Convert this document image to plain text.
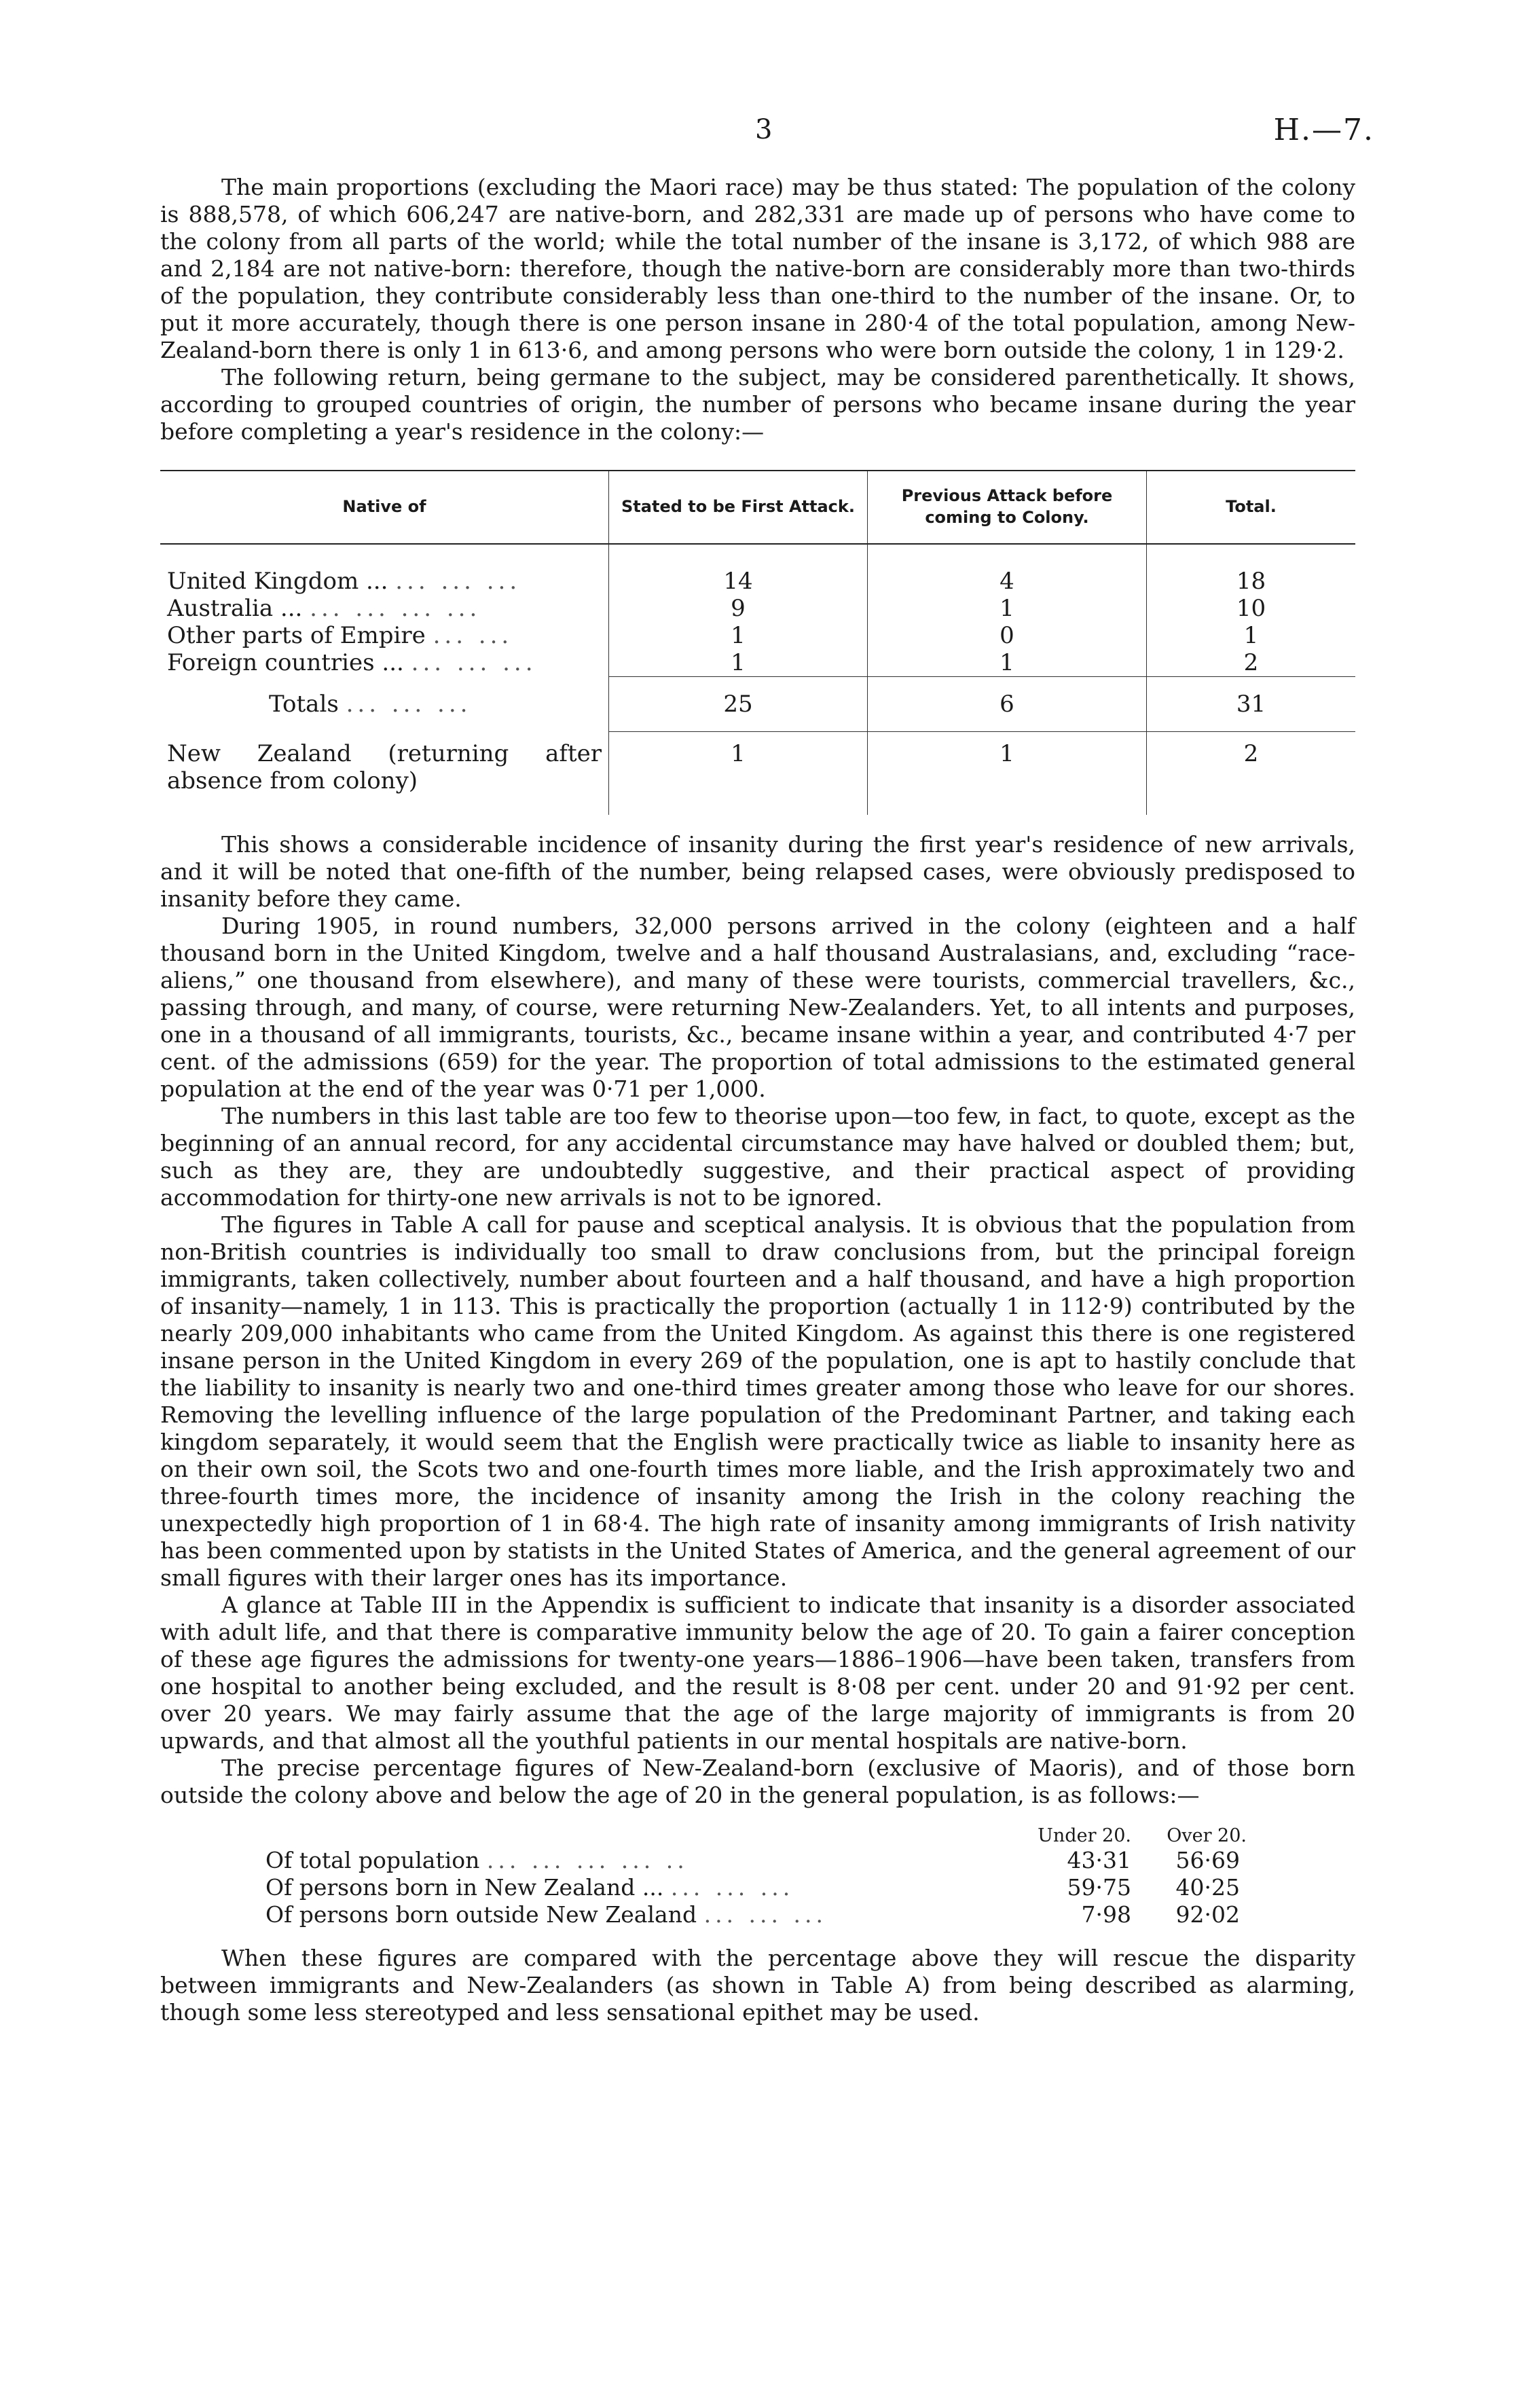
3	H.—7.

The main proportions (excluding the Maori race) may be thus stated: The population of the colony is 888,578, of which 606,247 are native-born, and 282,331 are made up of persons who have come to the colony from all parts of the world; while the total number of the insane is 3,172, of which 988 are and 2,184 are not native-born: therefore, though the native-born are considerably more than two-thirds of the population, they contribute considerably less than one-third to the number of the insane. Or, to put it more accurately, though there is one person insane in 280·4 of the total population, among New-Zealand-born there is only 1 in 613·6, and among persons who were born outside the colony, 1 in 129·2.

The following return, being germane to the subject, may be considered parenthetically. It shows, according to grouped countries of origin, the number of persons who became insane during the year before completing a year's residence in the colony:—

Native of	Stated to be First Attack.	Previous Attack before coming to Colony.	Total.
United Kingdom ... ... ... ...	14	4	18
Australia ... ... ... ... ...	9	1	10
Other parts of Empire ... ...	1	0	1
Foreign countries ... ... ... ...	1	1	2
Totals ... ... ...	25	6	31
New Zealand (returning after absence from colony)	1	1	2

This shows a considerable incidence of insanity during the first year's residence of new arrivals, and it will be noted that one-fifth of the number, being relapsed cases, were obviously predisposed to insanity before they came.

During 1905, in round numbers, 32,000 persons arrived in the colony (eighteen and a half thousand born in the United Kingdom, twelve and a half thousand Australasians, and, excluding “race-aliens,” one thousand from elsewhere), and many of these were tourists, commercial travellers, &c., passing through, and many, of course, were returning New-Zealanders. Yet, to all intents and purposes, one in a thousand of all immigrants, tourists, &c., became insane within a year, and contributed 4·7 per cent. of the admissions (659) for the year. The proportion of total admissions to the estimated general population at the end of the year was 0·71 per 1,000.

The numbers in this last table are too few to theorise upon—too few, in fact, to quote, except as the beginning of an annual record, for any accidental circumstance may have halved or doubled them; but, such as they are, they are undoubtedly suggestive, and their practical aspect of providing accommodation for thirty-one new arrivals is not to be ignored.

The figures in Table A call for pause and sceptical analysis. It is obvious that the population from non-British countries is individually too small to draw conclusions from, but the principal foreign immigrants, taken collectively, number about fourteen and a half thousand, and have a high proportion of insanity—namely, 1 in 113. This is practically the proportion (actually 1 in 112·9) contributed by the nearly 209,000 inhabitants who came from the United Kingdom. As against this there is one registered insane person in the United Kingdom in every 269 of the population, one is apt to hastily conclude that the liability to insanity is nearly two and one-third times greater among those who leave for our shores. Removing the levelling influence of the large population of the Predominant Partner, and taking each kingdom separately, it would seem that the English were practically twice as liable to insanity here as on their own soil, the Scots two and one-fourth times more liable, and the Irish approximately two and three-fourth times more, the incidence of insanity among the Irish in the colony reaching the unexpectedly high proportion of 1 in 68·4. The high rate of insanity among immigrants of Irish nativity has been commented upon by statists in the United States of America, and the general agreement of our small figures with their larger ones has its importance.

A glance at Table III in the Appendix is sufficient to indicate that insanity is a disorder associated with adult life, and that there is comparative immunity below the age of 20. To gain a fairer conception of these age figures the admissions for twenty-one years—1886–1906—have been taken, transfers from one hospital to another being excluded, and the result is 8·08 per cent. under 20 and 91·92 per cent. over 20 years. We may fairly assume that the age of the large majority of immigrants is from 20 upwards, and that almost all the youthful patients in our mental hospitals are native-born.

The precise percentage figures of New-Zealand-born (exclusive of Maoris), and of those born outside the colony above and below the age of 20 in the general population, is as follows:—

Under 20.	Over 20.
Of total population ... ... ... ... ..	43·31	56·69
Of persons born in New Zealand ... ... ... ...	59·75	40·25
Of persons born outside New Zealand ... ... ...	7·98	92·02

When these figures are compared with the percentage above they will rescue the disparity between immigrants and New-Zealanders (as shown in Table A) from being described as alarming, though some less stereotyped and less sensational epithet may be used.
